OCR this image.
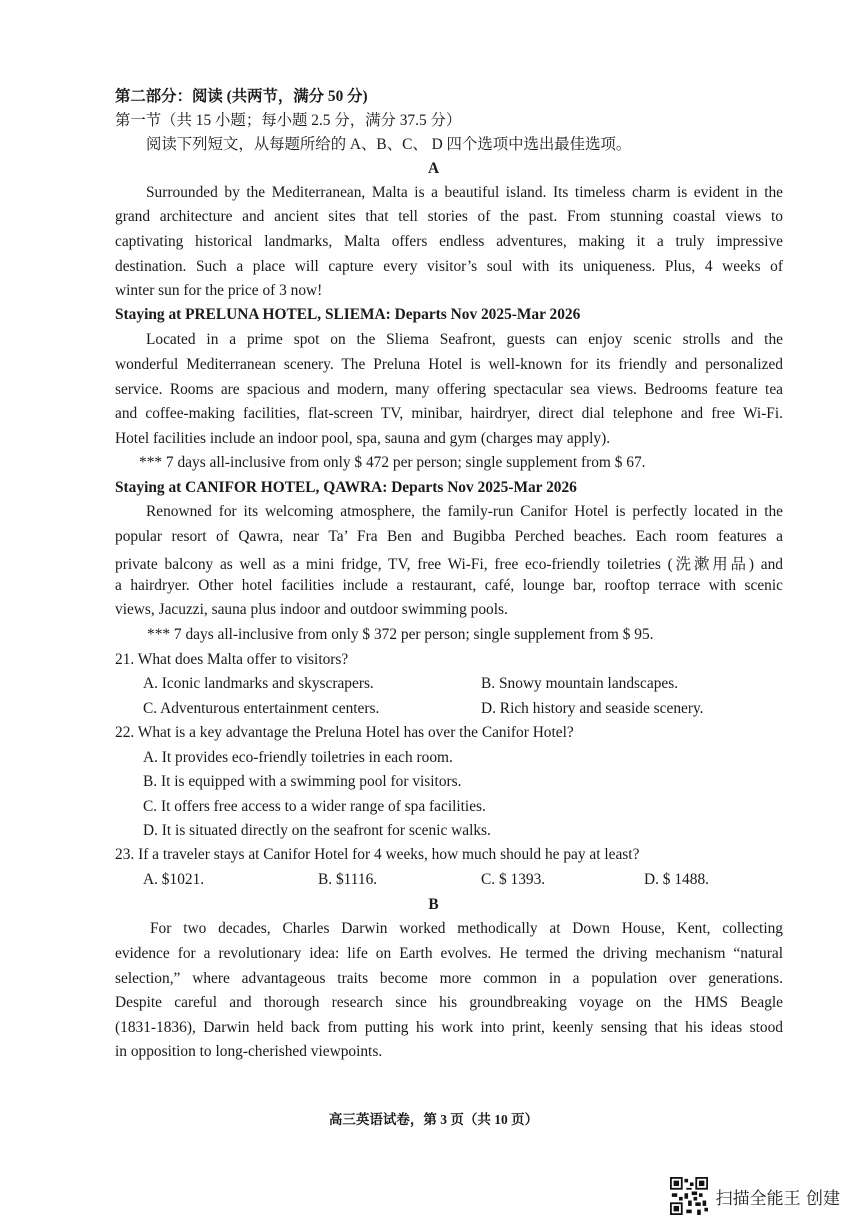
第二部分：阅读 (共两节，满分 50 分)
第一节（共 15 小题；每小题 2.5 分，满分 37.5 分）
阅读下列短文，从每题所给的 A、B、C、 D 四个选项中选出最佳选项。
A
Surrounded by the Mediterranean, Malta is a beautiful island. Its timeless charm is evident in the
grand architecture and ancient sites that tell stories of the past. From stunning coastal views to
captivating historical landmarks, Malta offers endless adventures, making it a truly impressive
destination. Such a place will capture every visitor’s soul with its uniqueness. Plus, 4 weeks of
winter sun for the price of 3 now!
Staying at PRELUNA HOTEL, SLIEMA: Departs Nov 2025-Mar 2026
Located in a prime spot on the Sliema Seafront, guests can enjoy scenic strolls and the
wonderful Mediterranean scenery. The Preluna Hotel is well-known for its friendly and personalized
service. Rooms are spacious and modern, many offering spectacular sea views. Bedrooms feature tea
and coffee-making facilities, flat-screen TV, minibar, hairdryer, direct dial telephone and free Wi-Fi.
Hotel facilities include an indoor pool, spa, sauna and gym (charges may apply).
*** 7 days all-inclusive from only $ 472 per person; single supplement from $ 67.
Staying at CANIFOR HOTEL, QAWRA: Departs Nov 2025-Mar 2026
Renowned for its welcoming atmosphere, the family-run Canifor Hotel is perfectly located in the
popular resort of Qawra, near Ta’ Fra Ben and Bugibba Perched beaches. Each room features a
private balcony as well as a mini fridge, TV, free Wi-Fi, free eco-friendly toiletries (洗漱用品) and
a hairdryer. Other hotel facilities include a restaurant, café, lounge bar, rooftop terrace with scenic
views, Jacuzzi, sauna plus indoor and outdoor swimming pools.
*** 7 days all-inclusive from only $ 372 per person; single supplement from $ 95.
21. What does Malta offer to visitors?
A. Iconic landmarks and skyscrapers.	B. Snowy mountain landscapes.
C. Adventurous entertainment centers.	D. Rich history and seaside scenery.
22. What is a key advantage the Preluna Hotel has over the Canifor Hotel?
A. It provides eco-friendly toiletries in each room.
B. It is equipped with a swimming pool for visitors.
C. It offers free access to a wider range of spa facilities.
D. It is situated directly on the seafront for scenic walks.
23. If a traveler stays at Canifor Hotel for 4 weeks, how much should he pay at least?
A. $1021.	B. $1116.	C. $ 1393.	D. $ 1488.
B
For two decades, Charles Darwin worked methodically at Down House, Kent, collecting
evidence for a revolutionary idea: life on Earth evolves. He termed the driving mechanism “natural
selection,” where advantageous traits become more common in a population over generations.
Despite careful and thorough research since his groundbreaking voyage on the HMS Beagle
(1831-1836), Darwin held back from putting his work into print, keenly sensing that his ideas stood
in opposition to long-cherished viewpoints.
高三英语试卷，第 3 页（共 10 页）
扫描全能王 创建
